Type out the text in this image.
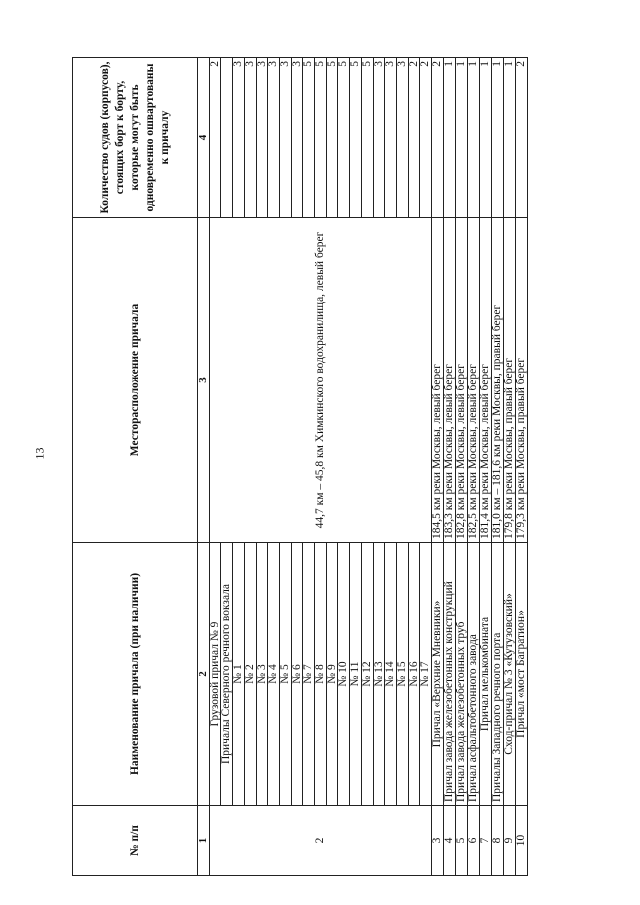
13
№ п/п	Наименование причала (при наличии)	Месторасположение причала	Количество судов (корпусов), стоящих борт к борту, которые могут быть одновременно ошвартованы к причалу
1	2	3	4
2	Грузовой причал № 9	44,7 км – 45,8 км Химкинского водохранилища, левый берег	2
	Причалы Северного речного вокзала		
	№ 1		3
	№ 2		3
	№ 3		3
	№ 4		3
	№ 5		3
	№ 6		3
	№ 7		5
	№ 8		5
	№ 9		5
	№ 10		5
	№ 11		5
	№ 12		5
	№ 13		3
	№ 14		3
	№ 15		3
	№ 16		2
	№ 17		2
3	Причал «Верхние Мневники»	184,5 км реки Москвы, левый берег	2
4	Причал завода железобетонных конструкций	183,3 км реки Москвы, левый берег	1
5	Причал завода железобетонных труб	182,8 км реки Москвы, левый берег	1
6	Причал асфальтобетонного завода	182,5 км реки Москвы, левый берег	1
7	Причал мелькомбината	181,4 км реки Москвы, левый берег	1
8	Причалы Западного речного порта	181,0 км – 181,6 км реки Москвы, правый берег	1
9	Сход-причал № 3 «Кутузовский»	179,8 км реки Москвы, правый берег	1
10	Причал «мост Багратион»	179,3 км реки Москвы, правый берег	2
